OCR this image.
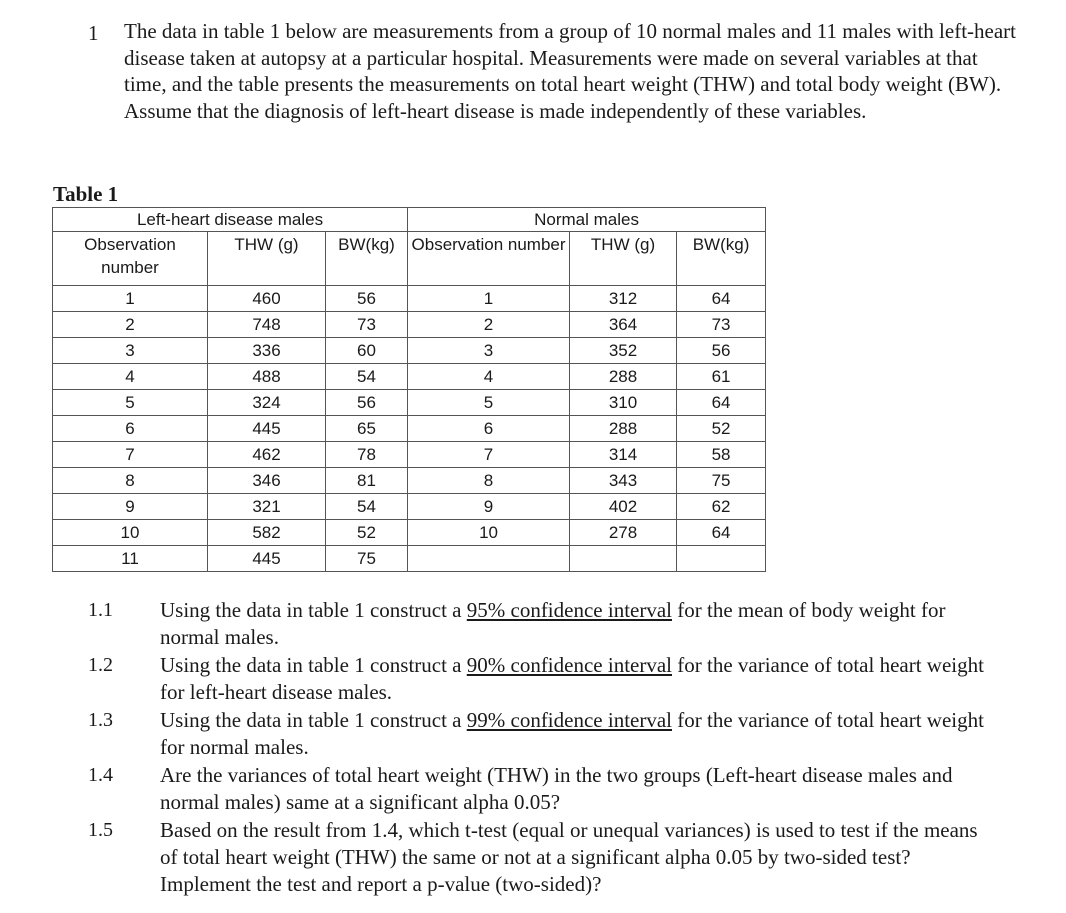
1 The data in table 1 below are measurements from a group of 10 normal males and 11 males with left-heart disease taken at autopsy at a particular hospital. Measurements were made on several variables at that time, and the table presents the measurements on total heart weight (THW) and total body weight (BW). Assume that the diagnosis of left-heart disease is made independently of these variables.
Table 1
Left-heart disease males			Normal males		
Observation number	THW (g)	BW(kg)	Observation number	THW (g)	BW(kg)
1	460	56	1	312	64
2	748	73	2	364	73
3	336	60	3	352	56
4	488	54	4	288	61
5	324	56	5	310	64
6	445	65	6	288	52
7	462	78	7	314	58
8	346	81	8	343	75
9	321	54	9	402	62
10	582	52	10	278	64
11	445	75			
1.1 Using the data in table 1 construct a 95% confidence interval for the mean of body weight for normal males.
1.2 Using the data in table 1 construct a 90% confidence interval for the variance of total heart weight for left-heart disease males.
1.3 Using the data in table 1 construct a 99% confidence interval for the variance of total heart weight for normal males.
1.4 Are the variances of total heart weight (THW) in the two groups (Left-heart disease males and normal males) same at a significant alpha 0.05?
1.5 Based on the result from 1.4, which t-test (equal or unequal variances) is used to test if the means of total heart weight (THW) the same or not at a significant alpha 0.05 by two-sided test? Implement the test and report a p-value (two-sided)?
